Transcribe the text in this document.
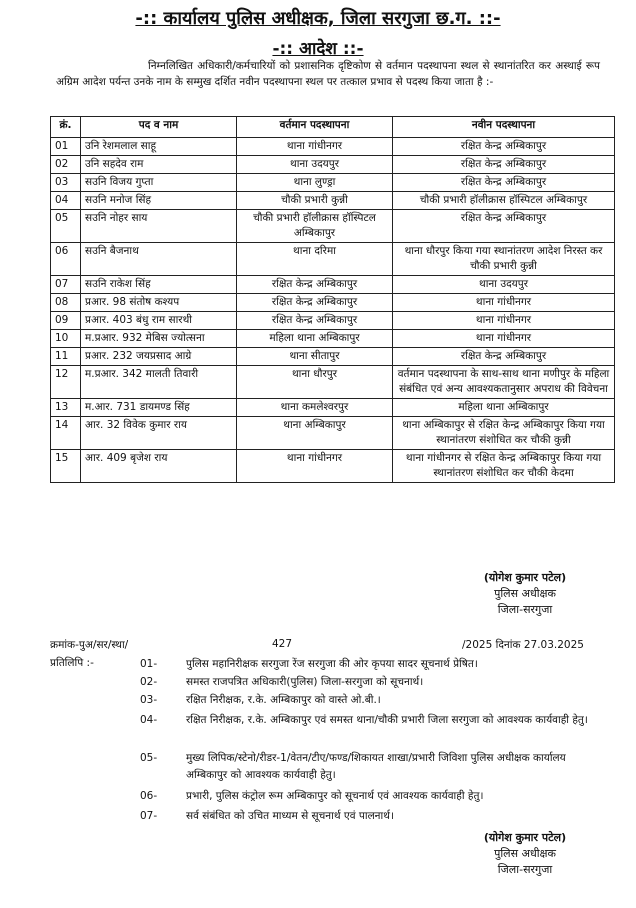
-:: कार्यालय पुलिस अधीक्षक, जिला सरगुजा छ.ग. ::-
-:: आदेश ::-
निम्नलिखित अधिकारी/कर्मचारियों को प्रशासनिक दृष्टिकोण से वर्तमान पदस्थापना स्थल से स्थानांतरित कर अस्थाई रूप अग्रिम आदेश पर्यन्त उनके नाम के सम्मुख दर्शित नवीन पदस्थापना स्थल पर तत्काल प्रभाव से पदस्थ किया जाता है :-
क्रं.	पद व नाम	वर्तमान पदस्थापना	नवीन पदस्थापना
01	उनि रेशमलाल साहू	थाना गांधीनगर	रक्षित केन्द्र अम्बिकापुर
02	उनि सहदेव राम	थाना उदयपुर	रक्षित केन्द्र अम्बिकापुर
03	सउनि विजय गुप्ता	थाना लुण्ड्रा	रक्षित केन्द्र अम्बिकापुर
04	सउनि मनोज सिंह	चौकी प्रभारी कुन्नी	चौकी प्रभारी हॉलीक्रास हॉस्पिटल अम्बिकापुर
05	सउनि नोहर साय	चौकी प्रभारी हॉलीक्रास हॉस्पिटल अम्बिकापुर	रक्षित केन्द्र अम्बिकापुर
06	सउनि बैजनाथ	थाना दरिमा	थाना धौरपुर किया गया स्थानांतरण आदेश निरस्त कर चौकी प्रभारी कुन्नी
07	सउनि राकेश सिंह	रक्षित केन्द्र अम्बिकापुर	थाना उदयपुर
08	प्रआर. 98 संतोष कश्यप	रक्षित केन्द्र अम्बिकापुर	थाना गांधीनगर
09	प्रआर. 403 बंधु राम सारथी	रक्षित केन्द्र अम्बिकापुर	थाना गांधीनगर
10	म.प्रआर. 932 मेबिस ज्योत्सना	महिला थाना अम्बिकापुर	थाना गांधीनगर
11	प्रआर. 232 जयप्रसाद आग्रे	थाना सीतापुर	रक्षित केन्द्र अम्बिकापुर
12	म.प्रआर. 342 मालती तिवारी	थाना धौरपुर	वर्तमान पदस्थापना के साथ-साथ थाना मणीपुर के महिला संबंधित एवं अन्य आवश्यकतानुसार अपराध की विवेचना
13	म.आर. 731 डायमण्ड सिंह	थाना कमलेश्वरपुर	महिला थाना अम्बिकापुर
14	आर. 32 विवेक कुमार राय	थाना अम्बिकापुर	थाना अम्बिकापुर से रक्षित केन्द्र अम्बिकापुर किया गया स्थानांतरण संशोधित कर चौकी कुन्नी
15	आर. 409 बृजेश राय	थाना गांधीनगर	थाना गांधीनगर से रक्षित केन्द्र अम्बिकापुर किया गया स्थानांतरण संशोधित कर चौकी केदमा
(योगेश कुमार पटेल)
पुलिस अधीक्षक
जिला-सरगुजा
क्रमांक-पुअ/सर/स्था/	427	/2025 दिनांक 27.03.2025
प्रतिलिपि :-	01-	पुलिस महानिरीक्षक सरगुजा रेंज सरगुजा की ओर कृपया सादर सूचनार्थ प्रेषित।
02-	समस्त राजपत्रित अधिकारी(पुलिस) जिला-सरगुजा को सूचनार्थ।
03-	रक्षित निरीक्षक, र.के. अम्बिकापुर को वास्ते ओ.बी.।
04-	रक्षित निरीक्षक, र.के. अम्बिकापुर एवं समस्त थाना/चौकी प्रभारी जिला सरगुजा को आवश्यक कार्यवाही हेतु।
05-	मुख्य लिपिक/स्टेनो/रीडर-1/वेतन/टीए/फण्ड/शिकायत शाखा/प्रभारी जिविशा पुलिस अधीक्षक कार्यालय अम्बिकापुर को आवश्यक कार्यवाही हेतु।
06-	प्रभारी, पुलिस कंट्रोल रूम अम्बिकापुर को सूचनार्थ एवं आवश्यक कार्यवाही हेतु।
07-	सर्व संबंधित को उचित माध्यम से सूचनार्थ एवं पालनार्थ।
(योगेश कुमार पटेल)
पुलिस अधीक्षक
जिला-सरगुजा
